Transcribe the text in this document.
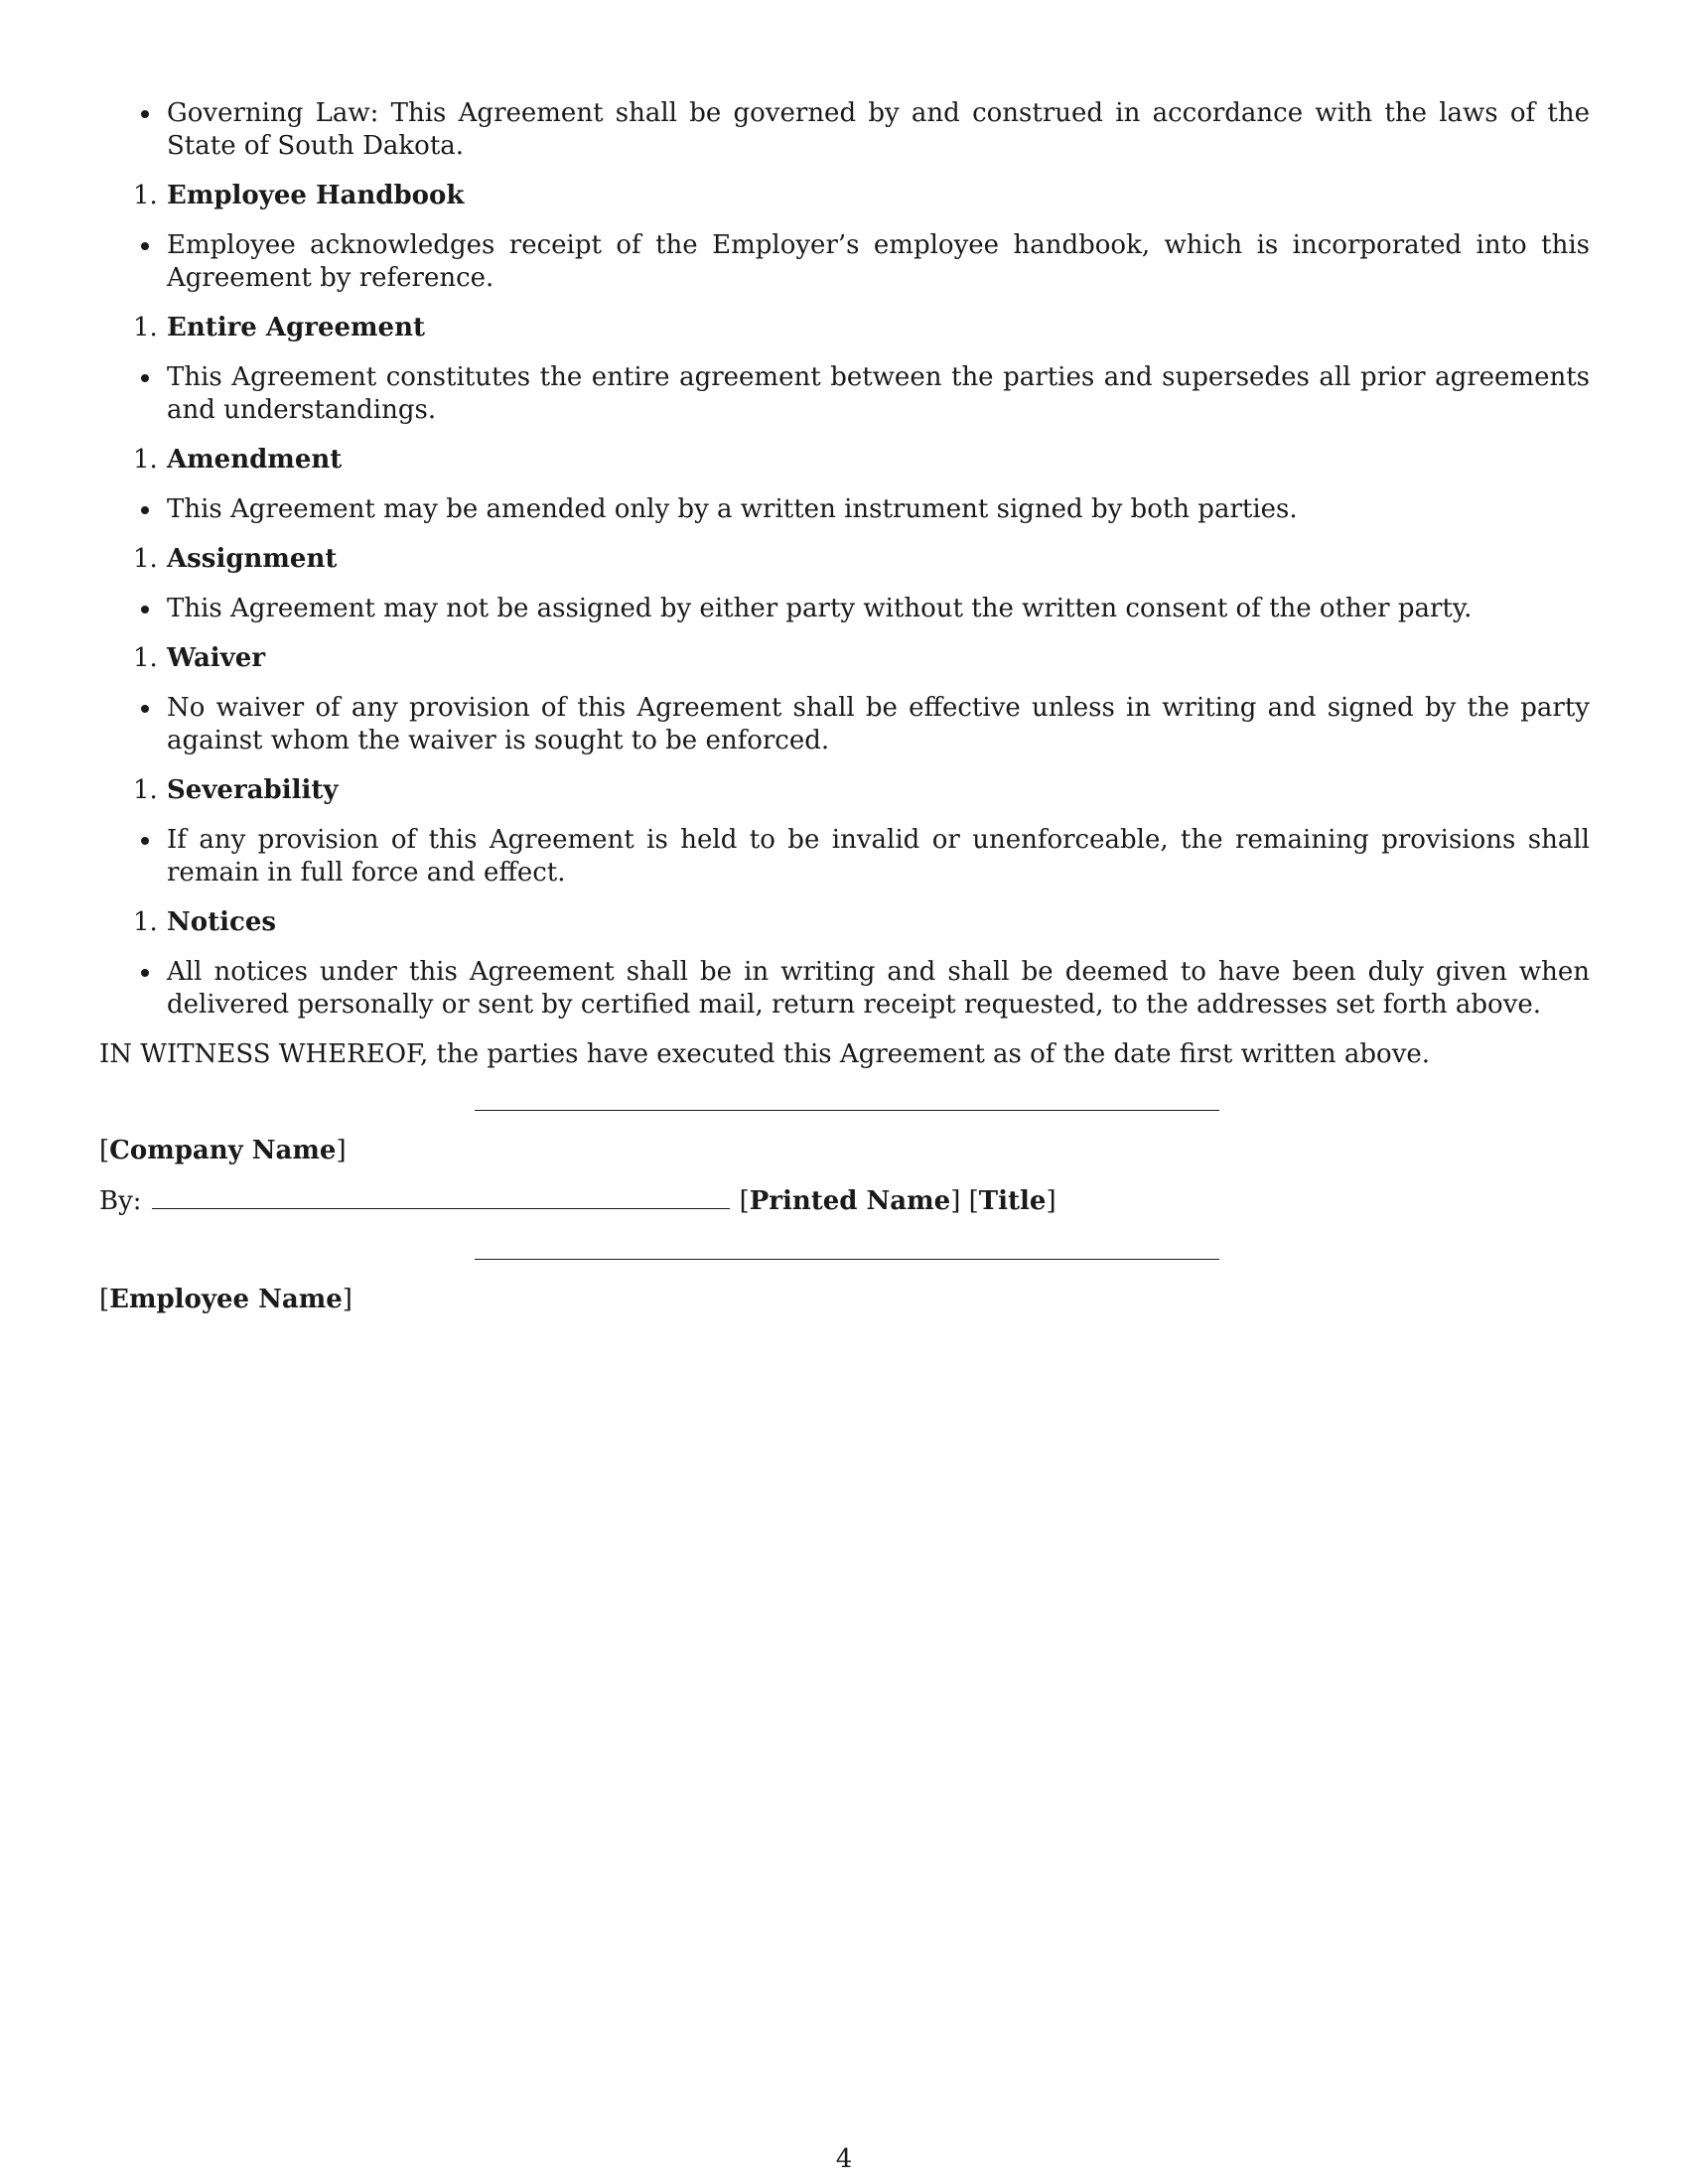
Governing Law: This Agreement shall be governed by and construed in accordance with the laws of the State of South Dakota.
1. Employee Handbook
Employee acknowledges receipt of the Employer’s employee handbook, which is incorporated into this Agreement by reference.
1. Entire Agreement
This Agreement constitutes the entire agreement between the parties and supersedes all prior agreements and understandings.
1. Amendment
This Agreement may be amended only by a written instrument signed by both parties.
1. Assignment
This Agreement may not be assigned by either party without the written consent of the other party.
1. Waiver
No waiver of any provision of this Agreement shall be effective unless in writing and signed by the party against whom the waiver is sought to be enforced.
1. Severability
If any provision of this Agreement is held to be invalid or unenforceable, the remaining provisions shall remain in full force and effect.
1. Notices
All notices under this Agreement shall be in writing and shall be deemed to have been duly given when delivered personally or sent by certified mail, return receipt requested, to the addresses set forth above.
IN WITNESS WHEREOF, the parties have executed this Agreement as of the date first written above.
[Company Name]
By:	[Printed Name] [Title]
[Employee Name]
4
